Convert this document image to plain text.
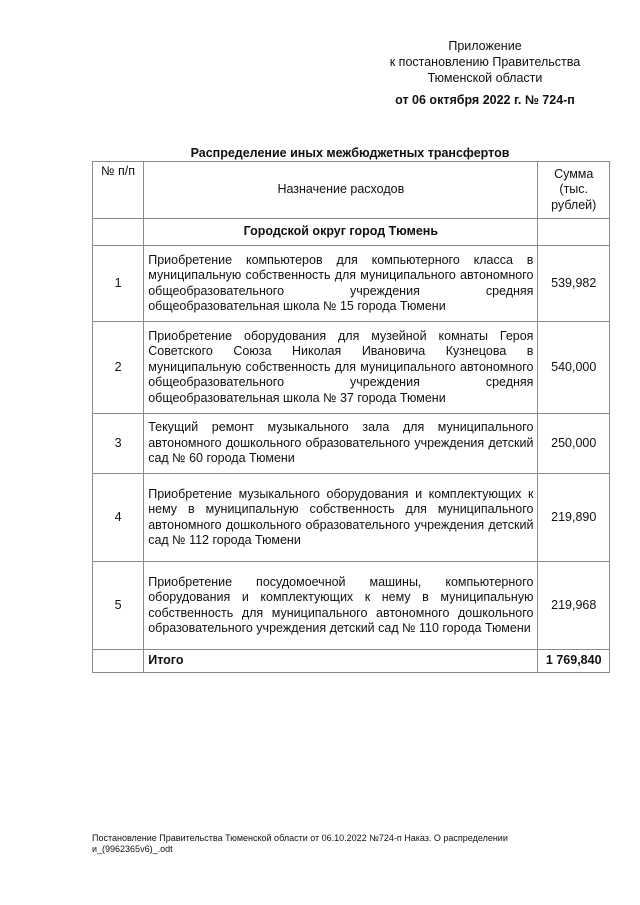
Приложение
к постановлению Правительства
Тюменской области
от 06 октября 2022 г. № 724-п
Распределение иных межбюджетных трансфертов
№ п/п	Назначение расходов	Сумма (тыс. рублей)
	Городской округ город Тюмень	
1	Приобретение компьютеров для компьютерного класса в муниципальную собственность для муниципального автономного общеобразовательного учреждения средняя общеобразовательная школа № 15 города Тюмени	539,982
2	Приобретение оборудования для музейной комнаты Героя Советского Союза Николая Ивановича Кузнецова в муниципальную собственность для муниципального автономного общеобразовательного учреждения средняя общеобразовательная школа № 37 города Тюмени	540,000
3	Текущий ремонт музыкального зала для муниципального автономного дошкольного образовательного учреждения детский сад № 60 города Тюмени	250,000
4	Приобретение музыкального оборудования и комплектующих к нему в муниципальную собственность для муниципального автономного дошкольного образовательного учреждения детский сад № 112 города Тюмени	219,890
5	Приобретение посудомоечной машины, компьютерного оборудования и комплектующих к нему в муниципальную собственность для муниципального автономного дошкольного образовательного учреждения детский сад № 110 города Тюмени	219,968
	Итого	1 769,840
Постановление Правительства Тюменской области от 06.10.2022 №724-п Наказ. О распределении и_(9962365v6)_.odt
